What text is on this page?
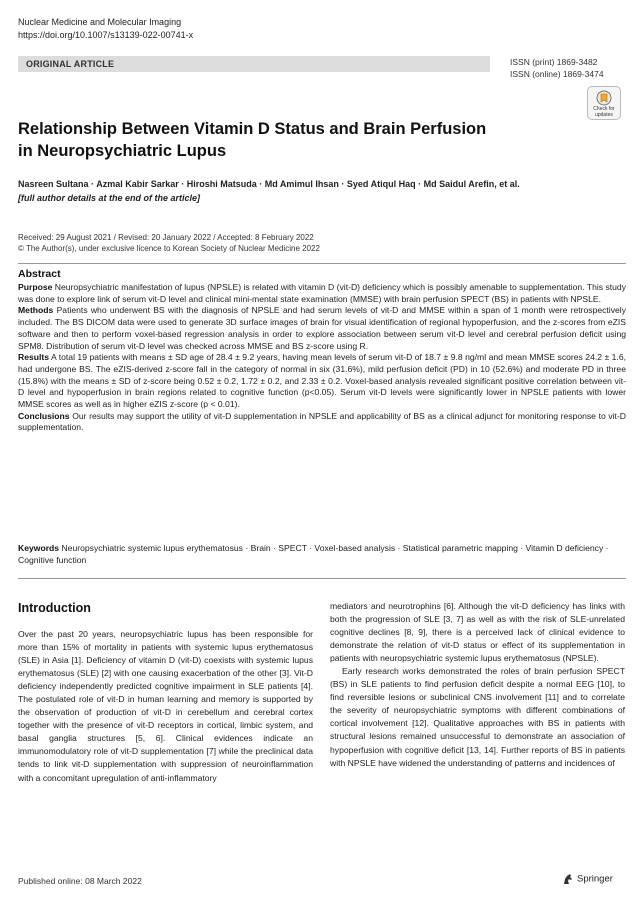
Nuclear Medicine and Molecular Imaging
https://doi.org/10.1007/s13139-022-00741-x
ORIGINAL ARTICLE	ISSN (print) 1869-3482
ISSN (online) 1869-3474
Check for updates
Relationship Between Vitamin D Status and Brain Perfusion
in Neuropsychiatric Lupus
Nasreen Sultana · Azmal Kabir Sarkar · Hiroshi Matsuda · Md Amimul Ihsan · Syed Atiqul Haq · Md Saidul Arefin, et al.
[full author details at the end of the article]
Received: 29 August 2021 / Revised: 20 January 2022 / Accepted: 8 February 2022
© The Author(s), under exclusive licence to Korean Society of Nuclear Medicine 2022
Abstract

Purpose Neuropsychiatric manifestation of lupus (NPSLE) is related with vitamin D (vit-D) deficiency which is possibly amenable to supplementation. This study was done to explore link of serum vit-D level and clinical mini-mental state examination (MMSE) with brain perfusion SPECT (BS) in patients with NPSLE.

Methods Patients who underwent BS with the diagnosis of NPSLE and had serum levels of vit-D and MMSE within a span of 1 month were retrospectively included. The BS DICOM data were used to generate 3D surface images of brain for visual identification of regional hypoperfusion, and the z-scores from eZIS software and then to perform voxel-based regression analysis in order to explore association between serum vit-D level and cerebral perfusion deficit using SPM8. Distribution of serum vit-D level was checked across MMSE and BS z-score using R.

Results A total 19 patients with means ± SD age of 28.4 ± 9.2 years, having mean levels of serum vit-D of 18.7 ± 9.8 ng/ml and mean MMSE scores 24.2 ± 1.6, had undergone BS. The eZIS-derived z-score fall in the category of normal in six (31.6%), mild perfusion deficit (PD) in 10 (52.6%) and moderate PD in three (15.8%) with the means ± SD of z-score being 0.52 ± 0.2, 1.72 ± 0.2, and 2.33 ± 0.2. Voxel-based analysis revealed significant positive correlation between vit-D level and hypoperfusion in brain regions related to cognitive function (p<0.05). Serum vit-D levels were significantly lower in NPSLE patients with lower MMSE scores as well as in higher eZIS z-score (p < 0.01).

Conclusions Our results may support the utility of vit-D supplementation in NPSLE and applicability of BS as a clinical adjunct for monitoring response to vit-D supplementation.

Keywords Neuropsychiatric systemic lupus erythematosus · Brain · SPECT · Voxel-based analysis · Statistical parametric mapping · Vitamin D deficiency · Cognitive function
Introduction

Over the past 20 years, neuropsychiatric lupus has been responsible for more than 15% of mortality in patients with systemic lupus erythematosus (SLE) in Asia [1]. Deficiency of vitamin D (vit-D) coexists with systemic lupus erythematosus (SLE) [2] with one causing exacerbation of the other [3]. Vit-D deficiency independently predicted cognitive impairment in SLE patients [4]. The postulated role of vit-D in human learning and memory is supported by the observation of production of vit-D in cerebellum and cerebral cortex together with the presence of vit-D receptors in cortical, limbic system, and basal ganglia structures [5, 6]. Clinical evidences indicate an immunomodulatory role of vit-D supplementation [7] while the preclinical data tends to link vit-D supplementation with suppression of neuroinflammation with a concomitant upregulation of anti-inflammatory

mediators and neurotrophins [6]. Although the vit-D deficiency has links with both the progression of SLE [3, 7] as well as with the risk of SLE-unrelated cognitive declines [8, 9], there is a perceived lack of clinical evidence to demonstrate the relation of vit-D status or effect of its supplementation in patients with neuropsychiatric systemic lupus erythematosus (NPSLE).

Early research works demonstrated the roles of brain perfusion SPECT (BS) in SLE patients to find perfusion deficit despite a normal EEG [10], to find reversible lesions or subclinical CNS involvement [11] and to correlate the severity of neuropsychiatric symptoms with different combinations of cortical involvement [12]. Qualitative approaches with BS in patients with structural lesions remained unsuccessful to demonstrate an association of hypoperfusion with cognitive deficit [13, 14]. Further reports of BS in patients with NPSLE have widened the understanding of patterns and incidences of

Published online: 08 March 2022	Springer
